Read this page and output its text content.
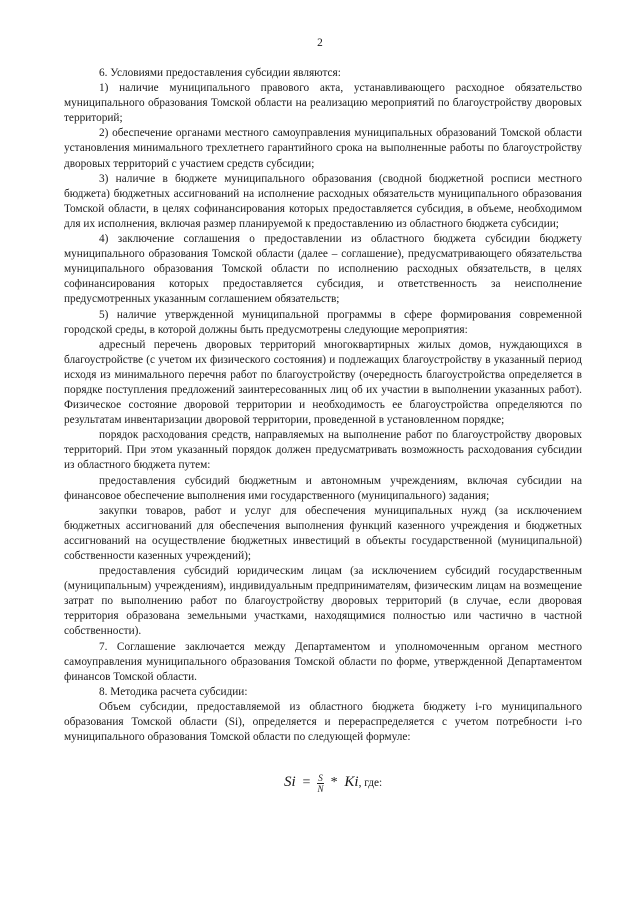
2

6. Условиями предоставления субсидии являются:

1) наличие муниципального правового акта, устанавливающего расходное обязательство муниципального образования Томской области на реализацию мероприятий по благоустройству дворовых территорий;

2) обеспечение органами местного самоуправления муниципальных образований Томской области установления минимального трехлетнего гарантийного срока на выполненные работы по благоустройству дворовых территорий с участием средств субсидии;

3) наличие в бюджете муниципального образования (сводной бюджетной росписи местного бюджета) бюджетных ассигнований на исполнение расходных обязательств муниципального образования Томской области, в целях софинансирования которых предоставляется субсидия, в объеме, необходимом для их исполнения, включая размер планируемой к предоставлению из областного бюджета субсидии;

4) заключение соглашения о предоставлении из областного бюджета субсидии бюджету муниципального образования Томской области (далее – соглашение), предусматривающего обязательства муниципального образования Томской области по исполнению расходных обязательств, в целях софинансирования которых предоставляется субсидия, и ответственность за неисполнение предусмотренных указанным соглашением обязательств;

5) наличие утвержденной муниципальной программы в сфере формирования современной городской среды, в которой должны быть предусмотрены следующие мероприятия:

адресный перечень дворовых территорий многоквартирных жилых домов, нуждающихся в благоустройстве (с учетом их физического состояния) и подлежащих благоустройству в указанный период исходя из минимального перечня работ по благоустройству (очередность благоустройства определяется в порядке поступления предложений заинтересованных лиц об их участии в выполнении указанных работ). Физическое состояние дворовой территории и необходимость ее благоустройства определяются по результатам инвентаризации дворовой территории, проведенной в установленном порядке;

порядок расходования средств, направляемых на выполнение работ по благоустройству дворовых территорий. При этом указанный порядок должен предусматривать возможность расходования субсидии из областного бюджета путем:

предоставления субсидий бюджетным и автономным учреждениям, включая субсидии на финансовое обеспечение выполнения ими государственного (муниципального) задания;

закупки товаров, работ и услуг для обеспечения муниципальных нужд (за исключением бюджетных ассигнований для обеспечения выполнения функций казенного учреждения и бюджетных ассигнований на осуществление бюджетных инвестиций в объекты государственной (муниципальной) собственности казенных учреждений);

предоставления субсидий юридическим лицам (за исключением субсидий государственным (муниципальным) учреждениям), индивидуальным предпринимателям, физическим лицам на возмещение затрат по выполнению работ по благоустройству дворовых территорий (в случае, если дворовая территория образована земельными участками, находящимися полностью или частично в частной собственности).

7. Соглашение заключается между Департаментом и уполномоченным органом местного самоуправления муниципального образования Томской области по форме, утвержденной Департаментом финансов Томской области.

8. Методика расчета субсидии:

Объем субсидии, предоставляемой из областного бюджета бюджету i-го муниципального образования Томской области (Si), определяется и перераспределяется с учетом потребности i-го муниципального образования Томской области по следующей формуле:

$Si = \frac{S}{N} * Ki$, где:
